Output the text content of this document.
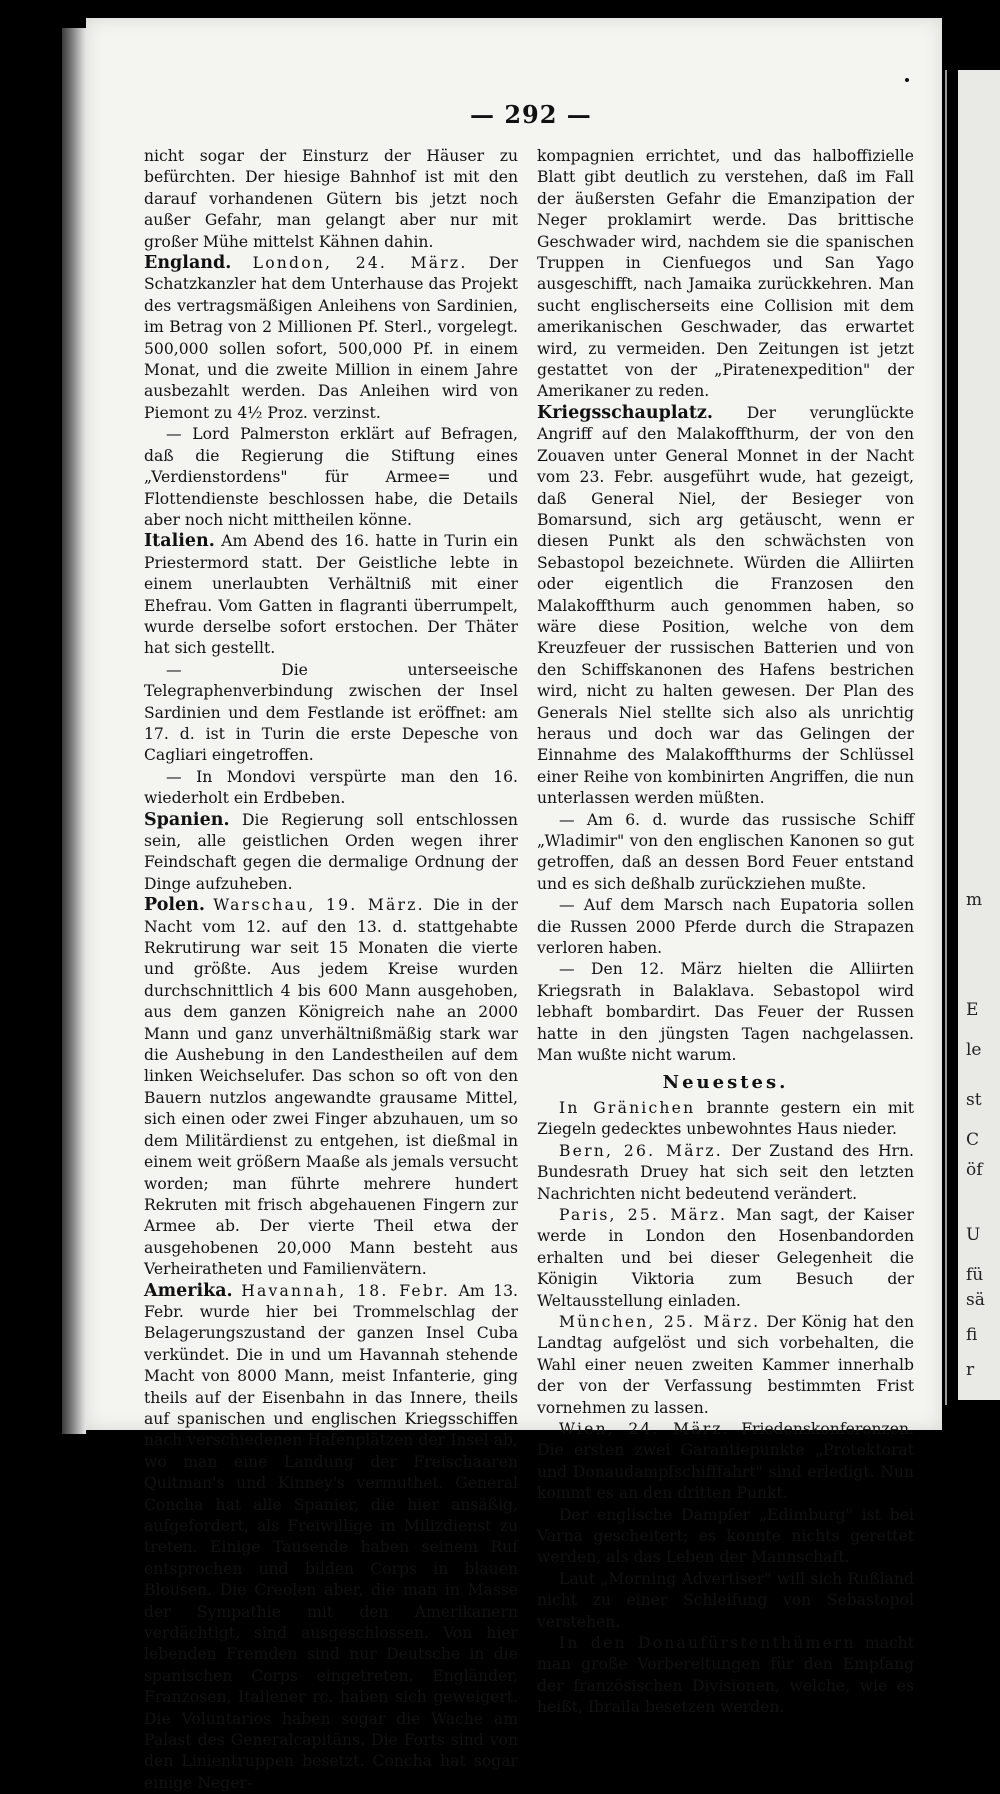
m
le
st
C
öf
U
fü
sä
fi
r
E
— 292 —

nicht sogar der Einsturz der Häuser zu befürchten. Der hiesige Bahnhof ist mit den darauf vorhandenen Gütern bis jetzt noch außer Gefahr, man gelangt aber nur mit großer Mühe mittelst Kähnen dahin.

England. London, 24. März. Der Schatzkanzler hat dem Unterhause das Projekt des vertragsmäßigen Anleihens von Sardinien, im Betrag von 2 Millionen Pf. Sterl., vorgelegt. 500,000 sollen sofort, 500,000 Pf. in einem Monat, und die zweite Million in einem Jahre ausbezahlt werden. Das Anleihen wird von Piemont zu 4½ Proz. verzinst.

— Lord Palmerston erklärt auf Befragen, daß die Regierung die Stiftung eines „Verdienstordens" für Armee= und Flottendienste beschlossen habe, die Details aber noch nicht mittheilen könne.

Italien. Am Abend des 16. hatte in Turin ein Priestermord statt. Der Geistliche lebte in einem unerlaubten Verhältniß mit einer Ehefrau. Vom Gatten in flagranti überrumpelt, wurde derselbe sofort erstochen. Der Thäter hat sich gestellt.

— Die unterseeische Telegraphenverbindung zwischen der Insel Sardinien und dem Festlande ist eröffnet: am 17. d. ist in Turin die erste Depesche von Cagliari eingetroffen.

— In Mondovi verspürte man den 16. wiederholt ein Erdbeben.

Spanien. Die Regierung soll entschlossen sein, alle geistlichen Orden wegen ihrer Feindschaft gegen die dermalige Ordnung der Dinge aufzuheben.

Polen. Warschau, 19. März. Die in der Nacht vom 12. auf den 13. d. stattgehabte Rekrutirung war seit 15 Monaten die vierte und größte. Aus jedem Kreise wurden durchschnittlich 4 bis 600 Mann ausgehoben, aus dem ganzen Königreich nahe an 2000 Mann und ganz unverhältnißmäßig stark war die Aushebung in den Landestheilen auf dem linken Weichselufer. Das schon so oft von den Bauern nutzlos angewandte grausame Mittel, sich einen oder zwei Finger abzuhauen, um so dem Militärdienst zu entgehen, ist dießmal in einem weit größern Maaße als jemals versucht worden; man führte mehrere hundert Rekruten mit frisch abgehauenen Fingern zur Armee ab. Der vierte Theil etwa der ausgehobenen 20,000 Mann besteht aus Verheiratheten und Familienvätern.

Amerika. Havannah, 18. Febr. Am 13. Febr. wurde hier bei Trommelschlag der Belagerungszustand der ganzen Insel Cuba verkündet. Die in und um Havannah stehende Macht von 8000 Mann, meist Infanterie, ging theils auf der Eisenbahn in das Innere, theils auf spanischen und englischen Kriegsschiffen nach verschiedenen Hafenplätzen der Insel ab, wo man eine Landung der Freischaaren Quitman's und Kinney's vermuthet. General Concha hat alle Spanier, die hier ansäßig, aufgefordert, als Freiwillige in Milizdienst zu treten. Einige Tausende haben seinem Ruf entsprochen und bilden Corps in blauen Blousen. Die Creolen aber, die man in Masse der Sympathie mit den Amerikanern verdächtigt, sind ausgeschlossen. Von hier lebenden Fremden sind nur Deutsche in die spanischen Corps eingetreten. Engländer, Franzosen, Italiener rc. haben sich geweigert. Die Voluntarios haben sogar die Wache am Palast des Generalcapitäns. Die Forts sind von den Linientruppen besetzt. Concha hat sogar einige Neger-

kompagnien errichtet, und das halboffizielle Blatt gibt deutlich zu verstehen, daß im Fall der äußersten Gefahr die Emanzipation der Neger proklamirt werde. Das brittische Geschwader wird, nachdem sie die spanischen Truppen in Cienfuegos und San Yago ausgeschifft, nach Jamaika zurückkehren. Man sucht englischerseits eine Collision mit dem amerikanischen Geschwader, das erwartet wird, zu vermeiden. Den Zeitungen ist jetzt gestattet von der „Piratenexpedition" der Amerikaner zu reden.

Kriegsschauplatz. Der verunglückte Angriff auf den Malakoffthurm, der von den Zouaven unter General Monnet in der Nacht vom 23. Febr. ausgeführt wude, hat gezeigt, daß General Niel, der Besieger von Bomarsund, sich arg getäuscht, wenn er diesen Punkt als den schwächsten von Sebastopol bezeichnete. Würden die Alliirten oder eigentlich die Franzosen den Malakoffthurm auch genommen haben, so wäre diese Position, welche von dem Kreuzfeuer der russischen Batterien und von den Schiffskanonen des Hafens bestrichen wird, nicht zu halten gewesen. Der Plan des Generals Niel stellte sich also als unrichtig heraus und doch war das Gelingen der Einnahme des Malakoffthurms der Schlüssel einer Reihe von kombinirten Angriffen, die nun unterlassen werden müßten.

— Am 6. d. wurde das russische Schiff „Wladimir" von den englischen Kanonen so gut getroffen, daß an dessen Bord Feuer entstand und es sich deßhalb zurückziehen mußte.

— Auf dem Marsch nach Eupatoria sollen die Russen 2000 Pferde durch die Strapazen verloren haben.

— Den 12. März hielten die Alliirten Kriegsrath in Balaklava. Sebastopol wird lebhaft bombardirt. Das Feuer der Russen hatte in den jüngsten Tagen nachgelassen. Man wußte nicht warum.

Neuestes.

In Gränichen brannte gestern ein mit Ziegeln gedecktes unbewohntes Haus nieder.

Bern, 26. März. Der Zustand des Hrn. Bundesrath Druey hat sich seit den letzten Nachrichten nicht bedeutend verändert.

Paris, 25. März. Man sagt, der Kaiser werde in London den Hosenbandorden erhalten und bei dieser Gelegenheit die Königin Viktoria zum Besuch der Weltausstellung einladen.

München, 25. März. Der König hat den Landtag aufgelöst und sich vorbehalten, die Wahl einer neuen zweiten Kammer innerhalb der von der Verfassung bestimmten Frist vornehmen zu lassen.

Wien, 24. März. Friedenskonferenzen. Die ersten zwei Garantiepunkte „Protektorat und Donaudampfschifffahrt" sind erledigt. Nun kommt es an den dritten Punkt.

Der englische Dampfer „Edimburg" ist bei Varna gescheitert; es konnte nichts gerettet werden, als das Leben der Mannschaft.

Laut „Morning Advertiser" will sich Rußland nicht zu einer Schleifung von Sebastopol verstehen.

In den Donaufürstenthümern macht man große Vorbereitungen für den Empfang der französischen Divisionen, welche, wie es heißt, Ibraila besetzen werden.
